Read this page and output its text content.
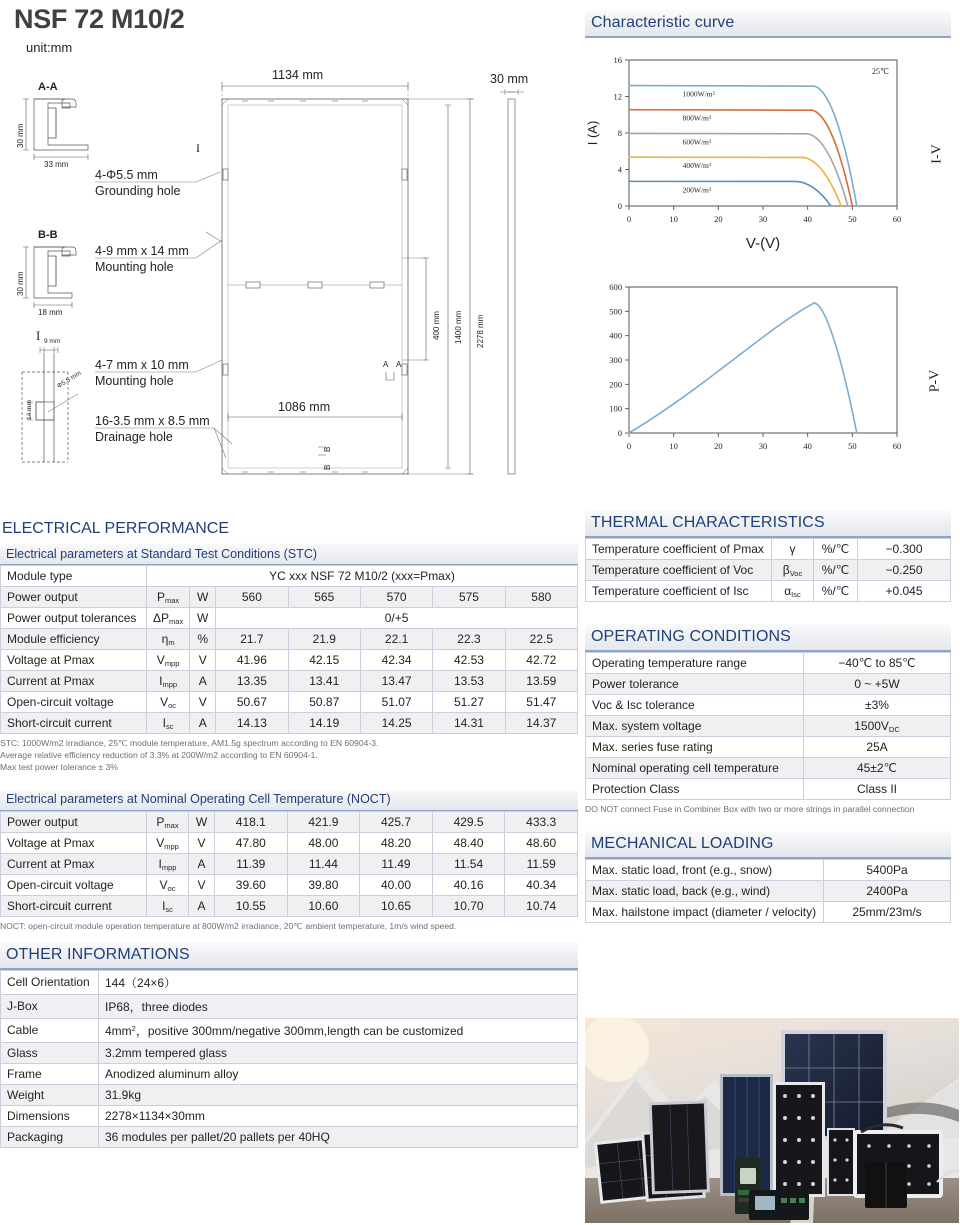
NSF 72 M10/2
unit:mm
A-A
B-B
I
I
30 mm
33 mm
30 mm
18 mm
9 mm
14 mm
Φ5.5 mm
1134 mm	30 mm
1086 mm
400 mm 1400 mm 2278 mm
4-Φ5.5 mm
Grounding hole
4-9 mm x 14 mm
Mounting hole
4-7 mm x 10 mm
Mounting hole
16-3.5 mm x 8.5 mm
Drainage hole
A A
B
B
ELECTRICAL PERFORMANCE
Electrical parameters at Standard Test Conditions (STC)
Module type	YC xxx NSF 72 M10/2 (xxx=Pmax)						
Power output	$P_{max}$	W	560	565	570	575	580
Power output tolerances	$\Delta P_{max}$	W	0/+5				
Module efficiency	$\eta_m$	%	21.7	21.9	22.1	22.3	22.5
Voltage at Pmax	$V_{mpp}$	V	41.96	42.15	42.34	42.53	42.72
Current at Pmax	$I_{mpp}$	A	13.35	13.41	13.47	13.53	13.59
Open-circuit voltage	$V_{oc}$	V	50.67	50.87	51.07	51.27	51.47
Short-circuit current	$I_{sc}$	A	14.13	14.19	14.25	14.31	14.37
STC: 1000W/m2 irradiance, 25℃ module temperature, AM1.5g spectrum according to EN 60904-3.
Average relative efficiency reduction of 3.3% at 200W/m2 according to EN 60904-1.
Max test power tolerance ± 3%
Electrical parameters at Nominal Operating Cell Temperature (NOCT)
Power output	$P_{max}$	W	418.1	421.9	425.7	429.5	433.3
Voltage at Pmax	$V_{mpp}$	V	47.80	48.00	48.20	48.40	48.60
Current at Pmax	$I_{mpp}$	A	11.39	11.44	11.49	11.54	11.59
Open-circuit voltage	$V_{oc}$	V	39.60	39.80	40.00	40.16	40.34
Short-circuit current	$I_{sc}$	A	10.55	10.60	10.65	10.70	10.74
NOCT: open-circuit module operation temperature at 800W/m2 irradiance, 20℃ ambient temperature, 1m/s wind speed.
OTHER INFORMATIONS
Cell Orientation	144（24×6）
J-Box	IP68，three diodes
Cable	$4mm^2$，positive 300mm/negative 300mm,length can be customized
Glass	3.2mm tempered glass
Frame	Anodized aluminum alloy
Weight	31.9kg
Dimensions	2278×1134×30mm
Packaging	36 modules per pallet/20 pallets per 40HQ
Characteristic curve
0	10	20	30	40	50	60
0
4
8
12
16
1000W/m²
800W/m²
600W/m²
400W/m²
200W/m²
25℃
V-(V)
I (A)
I-V
0	10	20	30	40	50	60
0
100
200
300
400
500
600
P-V
THERMAL CHARACTERISTICS
Temperature coefficient of Pmax	γ	%/℃	−0.300
Temperature coefficient of Voc	$\beta_{Voc}$	%/℃	−0.250
Temperature coefficient of Isc	$\alpha_{Isc}$	%/℃	+0.045
OPERATING CONDITIONS
Operating temperature range	−40℃ to 85℃
Power tolerance	0 ~ +5W
Voc & Isc tolerance	±3%
Max. system voltage	$1500V_{DC}$
Max. series fuse rating	25A
Nominal operating cell temperature	45±2℃
Protection Class	Class II
DO NOT connect Fuse in Combiner Box with two or more strings in parallel connection
MECHANICAL LOADING
Max. static load, front (e.g., snow)	5400Pa
Max. static load, back (e.g., wind)	2400Pa
Max. hailstone impact (diameter / velocity)	25mm/23m/s
